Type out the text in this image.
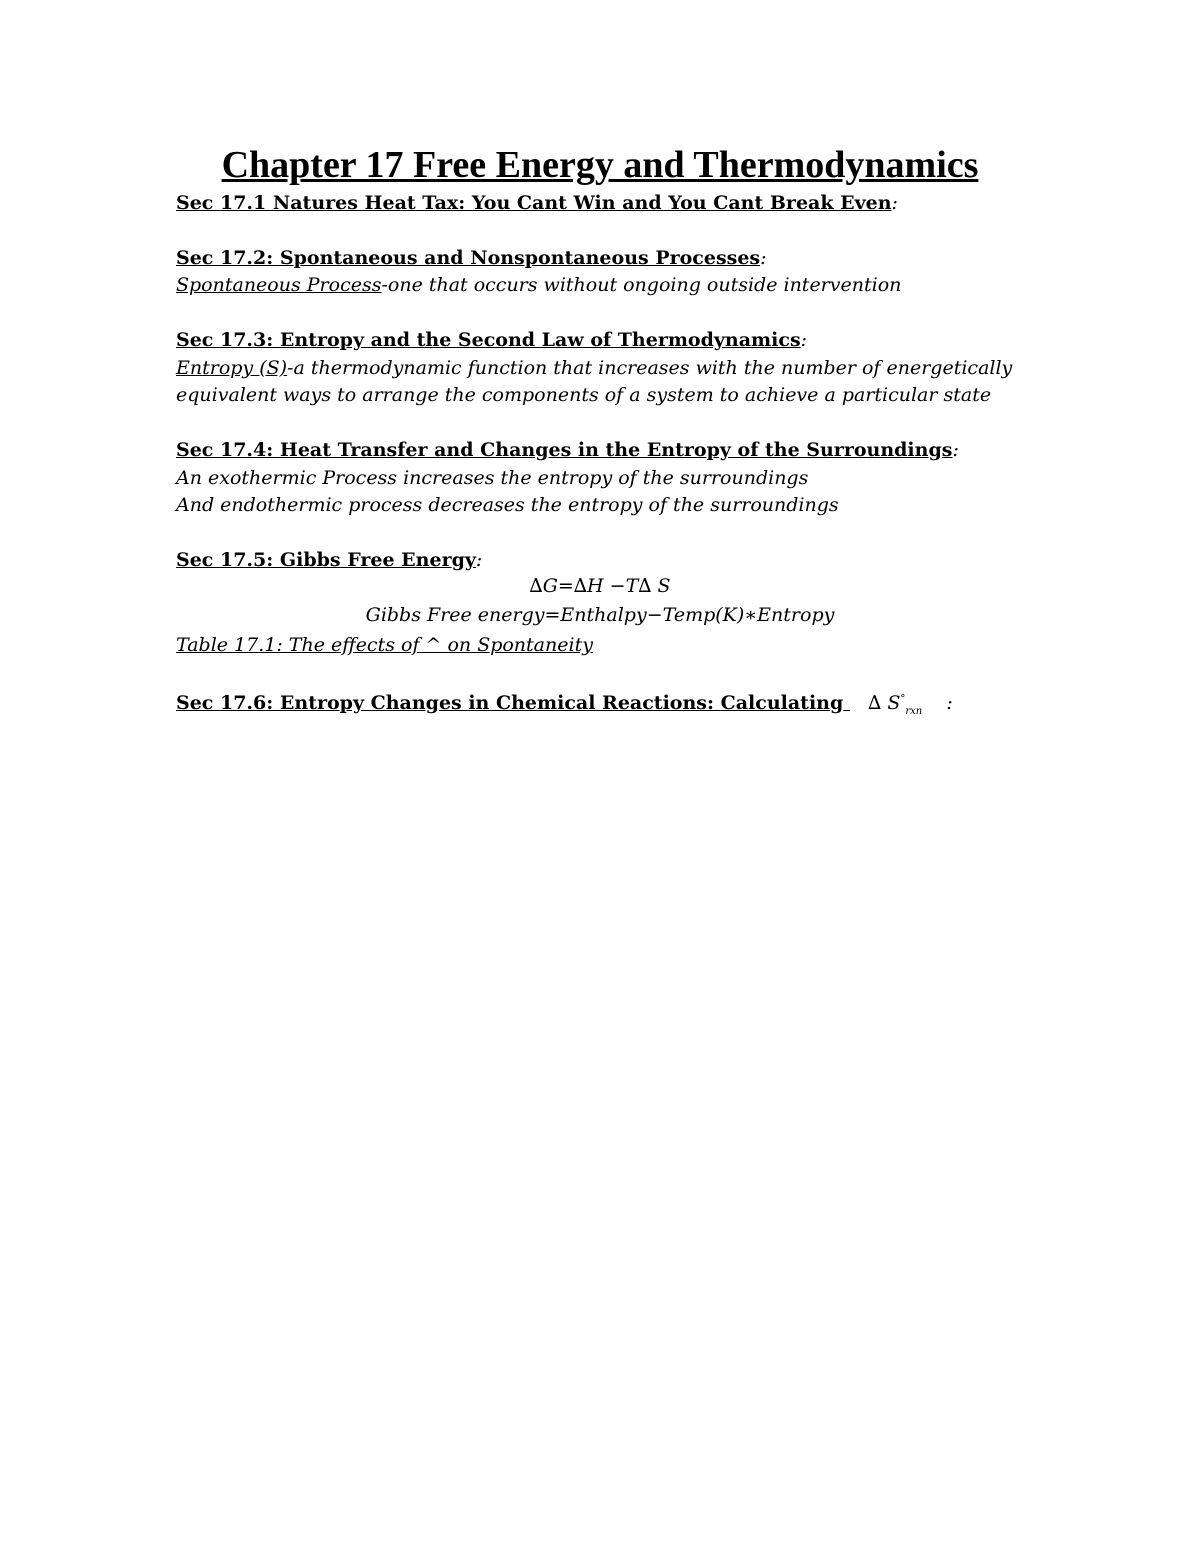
Chapter 17 Free Energy and Thermodynamics
Sec 17.1 Natures Heat Tax: You Cant Win and You Cant Break Even:
Sec 17.2: Spontaneous and Nonspontaneous Processes:
Spontaneous Process-one that occurs without ongoing outside intervention
Sec 17.3: Entropy and the Second Law of Thermodynamics:
Entropy (S)-a thermodynamic function that increases with the number of energetically
equivalent ways to arrange the components of a system to achieve a particular state
Sec 17.4: Heat Transfer and Changes in the Entropy of the Surroundings:
An exothermic Process increases the entropy of the surroundings
And endothermic process decreases the entropy of the surroundings
Sec 17.5: Gibbs Free Energy:
∆G=∆H −T∆ S
Gibbs Free energy=Enthalpy−Temp(K)∗Entropy
Table 17.1: The effects of ^ on Spontaneity
Sec 17.6: Entropy Changes in Chemical Reactions: Calculating ∆ $S^\circ_{rxn}$ :
